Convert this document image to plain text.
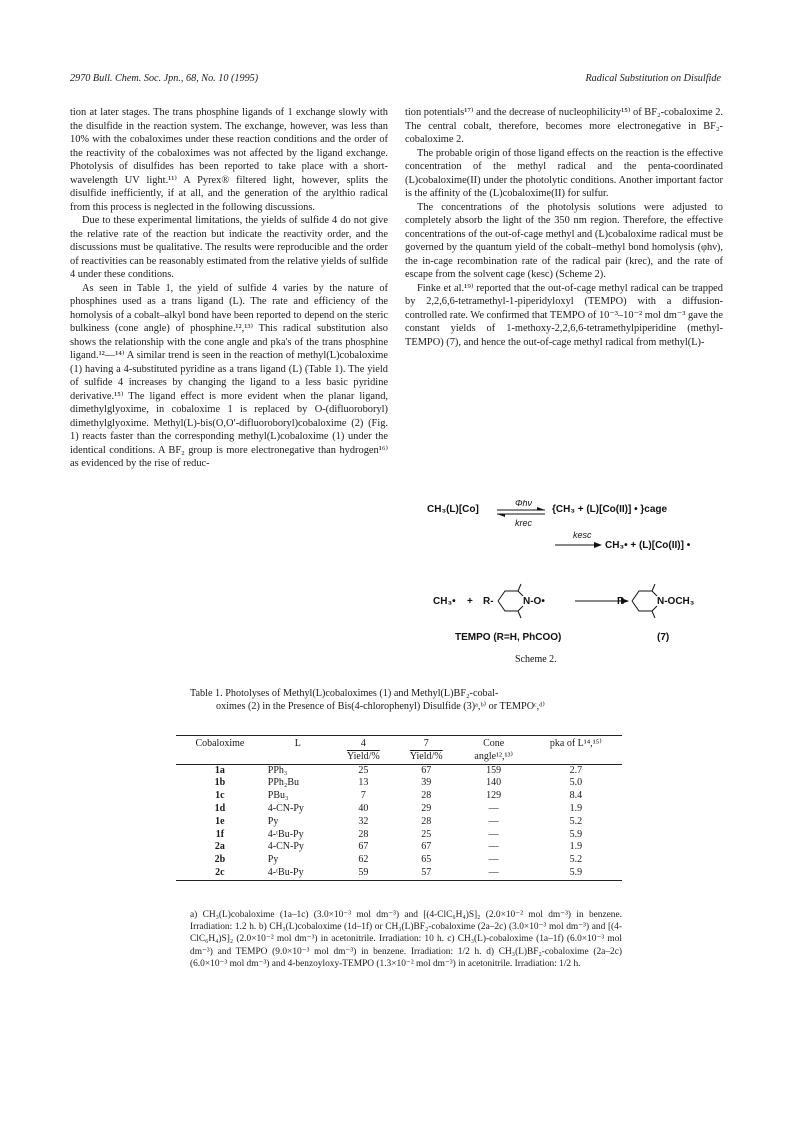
2970 Bull. Chem. Soc. Jpn., 68, No. 10 (1995)	Radical Substitution on Disulfide

tion at later stages. The trans phosphine ligands of 1 exchange slowly with the disulfide in the reaction system. The exchange, however, was less than 10% with the cobaloximes under these reaction conditions and the order of the reactivity of the cobaloximes was not affected by the ligand exchange. Photolysis of disulfides has been reported to take place with a short-wavelength UV light.¹¹⁾ A Pyrex® filtered light, however, splits the disulfide inefficiently, if at all, and the generation of the arylthio radical from this process is neglected in the following discussions.

Due to these experimental limitations, the yields of sulfide 4 do not give the relative rate of the reaction but indicate the reactivity order, and the discussions must be qualitative. The results were reproducible and the order of reactivities can be reasonably estimated from the relative yields of sulfide 4 under these conditions.

As seen in Table 1, the yield of sulfide 4 varies by the nature of phosphines used as a trans ligand (L). The rate and efficiency of the homolysis of a cobalt–alkyl bond have been reported to depend on the steric bulkiness (cone angle) of phosphine.¹²,¹³⁾ This radical substitution also shows the relationship with the cone angle and pka's of the trans phosphine ligand.¹²—¹⁴⁾ A similar trend is seen in the reaction of methyl(L)cobaloxime (1) having a 4-substituted pyridine as a trans ligand (L) (Table 1). The yield of sulfide 4 increases by changing the ligand to a less basic pyridine derivative.¹⁵⁾ The ligand effect is more evident when the planar ligand, dimethylglyoxime, in cobaloxime 1 is replaced by O-(difluoroboryl) dimethylglyoxime. Methyl(L)-bis(O,O′-difluoroboryl)cobaloxime (2) (Fig. 1) reacts faster than the corresponding methyl(L)cobaloxime (1) under the identical conditions. A BF₂ group is more electronegative than hydrogen¹⁶⁾ as evidenced by the rise of reduc-

tion potentials¹⁷⁾ and the decrease of nucleophilicity¹⁵⁾ of BF₂-cobaloxime 2. The central cobalt, therefore, becomes more electronegative in BF₂-cobaloxime 2.

The probable origin of those ligand effects on the reaction is the effective concentration of the methyl radical and the penta-coordinated (L)cobaloxime(II) under the photolytic conditions. Another important factor is the affinity of the (L)cobaloxime(II) for sulfur.

The concentrations of the photolysis solutions were adjusted to completely absorb the light of the 350 nm region. Therefore, the effective concentrations of the out-of-cage methyl and (L)cobaloxime radical must be governed by the quantum yield of the cobalt–methyl bond homolysis (φhν), the in-cage recombination rate of the radical pair (krec), and the rate of escape from the solvent cage (kesc) (Scheme 2).

Finke et al.¹⁹⁾ reported that the out-of-cage methyl radical can be trapped by 2,2,6,6-tetramethyl-1-piperidyloxyl (TEMPO) with a diffusion-controlled rate. We confirmed that TEMPO of 10⁻³–10⁻² mol dm⁻³ gave the constant yields of 1-methoxy-2,2,6,6-tetramethylpiperidine (methyl-TEMPO) (7), and hence the out-of-cage methyl radical from methyl(L)-

CH₃(L)[Co]
Φhν
krec
{CH₃ + (L)[Co(II)] • }cage
kesc
CH₃• + (L)[Co(II)] •
CH₃• + R-	N-O•	R-	N-OCH₃
TEMPO (R=H, PhCOO)	(7)
Scheme 2.
Table 1. Photolyses of Methyl(L)cobaloximes (1) and Methyl(L)BF₂-cobal-
oximes (2) in the Presence of Bis(4-chlorophenyl) Disulfide (3)ᵃ,ᵇ⁾ or TEMPOᶜ,ᵈ⁾
Cobaloxime	L	4	7	Cone	pka of L¹⁴,¹⁵⁾
		Yield/%	Yield/%	angle¹²,¹³⁾	
1a	PPh₃	25	67	159	2.7
1b	PPh₂Bu	13	39	140	5.0
1c	PBu₃	7	28	129	8.4
1d	4-CN-Py	40	29	—	1.9
1e	Py	32	28	—	5.2
1f	4-ᵗBu-Py	28	25	—	5.9
2a	4-CN-Py	67	67	—	1.9
2b	Py	62	65	—	5.2
2c	4-ᵗBu-Py	59	57	—	5.9

a) CH₃(L)cobaloxime (1a–1c) (3.0×10⁻³ mol dm⁻³) and [(4-ClC₆H₄)S]₂ (2.0×10⁻² mol dm⁻³) in benzene. Irradiation: 1.2 h. b) CH₃(L)cobaloxime (1d–1f) or CH₃(L)BF₂-cobaloxime (2a–2c) (3.0×10⁻³ mol dm⁻³) and [(4-ClC₆H₄)S]₂ (2.0×10⁻² mol dm⁻³) in acetonitrile. Irradiation: 10 h. c) CH₃(L)-cobaloxime (1a–1f) (6.0×10⁻³ mol dm⁻³) and TEMPO (9.0×10⁻³ mol dm⁻³) in benzene. Irradiation: 1/2 h. d) CH₃(L)BF₂-cobaloxime (2a–2c) (6.0×10⁻³ mol dm⁻³) and 4-benzoyloxy-TEMPO (1.3×10⁻² mol dm⁻³) in acetonitrile. Irradiation: 1/2 h.
